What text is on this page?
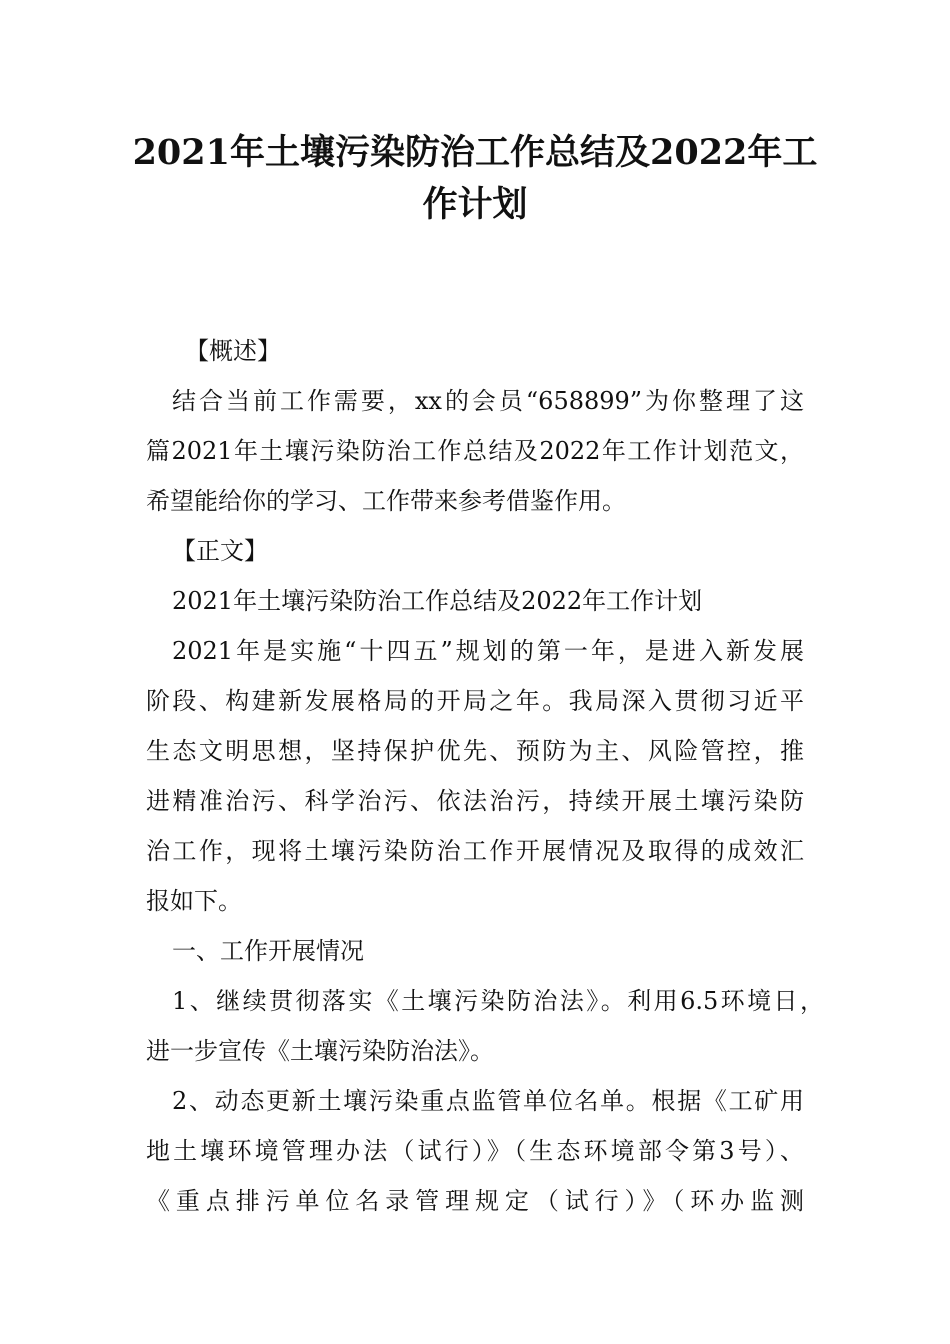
2021年土壤污染防治工作总结及2022年工
作计划
【概述】
结合当前工作需要，xx的会员“658899”为你整理了这
篇2021年土壤污染防治工作总结及2022年工作计划范文，
希望能给你的学习、工作带来参考借鉴作用。
【正文】
2021年土壤污染防治工作总结及2022年工作计划
2021年是实施“十四五”规划的第一年，是进入新发展
阶段、构建新发展格局的开局之年。我局深入贯彻习近平
生态文明思想，坚持保护优先、预防为主、风险管控，推
进精准治污、科学治污、依法治污，持续开展土壤污染防
治工作，现将土壤污染防治工作开展情况及取得的成效汇
报如下。
一、工作开展情况
1、继续贯彻落实《土壤污染防治法》。利用6.5环境日，
进一步宣传《土壤污染防治法》。
2、动态更新土壤污染重点监管单位名单。根据《工矿用
地土壤环境管理办法（试行）》（生态环境部令第3号）、
《重点排污单位名录管理规定（试行）》（环办监测
